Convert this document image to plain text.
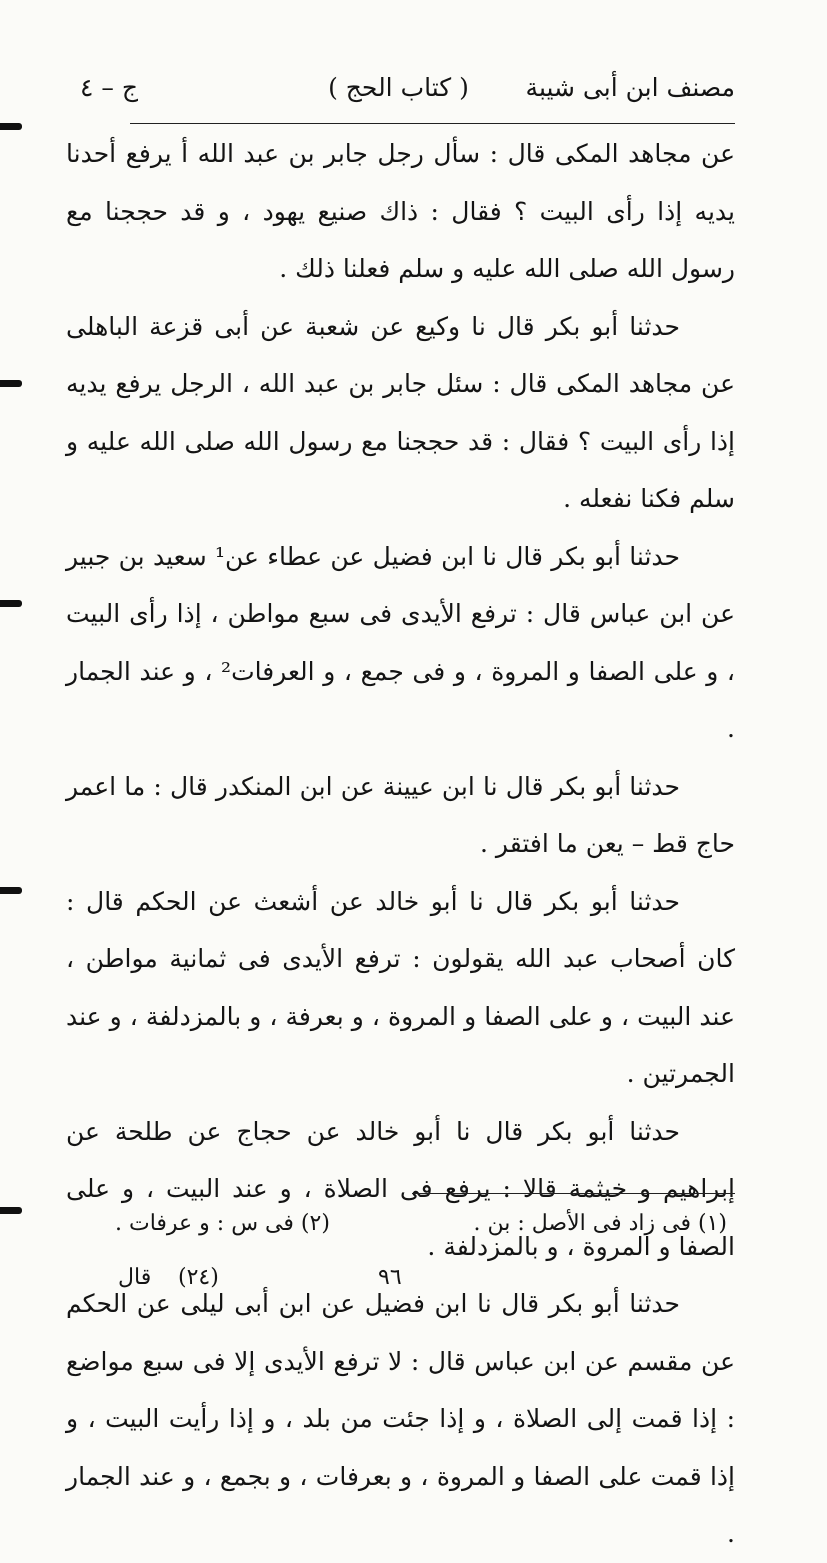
مصنف ابن أبى شيبة
( كتاب الحج )
ج – ٤

عن مجاهد المكى قال : سأل رجل جابر بن عبد الله أ يرفع أحدنا يديه إذا رأى البيت ؟ فقال : ذاك صنيع يهود ، و قد حججنا مع رسول الله صلى الله عليه و سلم فعلنا ذلك .

حدثنا أبو بكر قال نا وكيع عن شعبة عن أبى قزعة الباهلى عن مجاهد المكى قال : سئل جابر بن عبد الله ، الرجل يرفع يديه إذا رأى البيت ؟ فقال : قد حججنا مع رسول الله صلى الله عليه و سلم فكنا نفعله .

حدثنا أبو بكر قال نا ابن فضيل عن عطاء عن¹ سعيد بن جبير عن ابن عباس قال : ترفع الأيدى فى سبع مواطن ، إذا رأى البيت ، و على الصفا و المروة ، و فى جمع ، و العرفات² ، و عند الجمار .

حدثنا أبو بكر قال نا ابن عيينة عن ابن المنكدر قال : ما اعمر حاج قط – يعن ما افتقر .

حدثنا أبو بكر قال نا أبو خالد عن أشعث عن الحكم قال : كان أصحاب عبد الله يقولون : ترفع الأيدى فى ثمانية مواطن ، عند البيت ، و على الصفا و المروة ، و بعرفة ، و بالمزدلفة ، و عند الجمرتين .

حدثنا أبو بكر قال نا أبو خالد عن حجاج عن طلحة عن إبراهيم و خيثمة قالا : يرفع فى الصلاة ، و عند البيت ، و على الصفا و المروة ، و بالمزدلفة .

حدثنا أبو بكر قال نا ابن فضيل عن ابن أبى ليلى عن الحكم عن مقسم عن ابن عباس قال : لا ترفع الأيدى إلا فى سبع مواضع : إذا قمت إلى الصلاة ، و إذا جئت من بلد ، و إذا رأيت البيت ، و إذا قمت على الصفا و المروة ، و بعرفات ، و بجمع ، و عند الجمار .

(١) فى زاد فى الأصل : بن .
(٢) فى س : و عرفات .
(٢٤)	٩٦
قال
